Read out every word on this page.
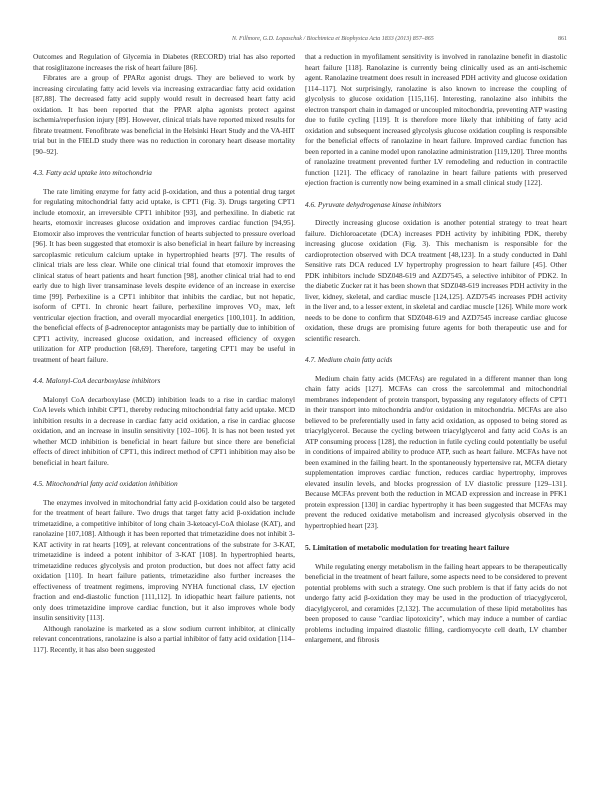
N. Fillmore, G.D. Lopaschuk / Biochimica et Biophysica Acta 1833 (2013) 857–865	861

Outcomes and Regulation of Glycemia in Diabetes (RECORD) trial has also reported that rosiglitazone increases the risk of heart failure [86].

Fibrates are a group of PPARα agonist drugs. They are believed to work by increasing circulating fatty acid levels via increasing extracardiac fatty acid oxidation [87,88]. The decreased fatty acid supply would result in decreased heart fatty acid oxidation. It has been reported that the PPAR alpha agonists protect against ischemia/reperfusion injury [89]. However, clinical trials have reported mixed results for fibrate treatment. Fenofibrate was beneficial in the Helsinki Heart Study and the VA-HIT trial but in the FIELD study there was no reduction in coronary heart disease mortality [90–92].

4.3. Fatty acid uptake into mitochondria

The rate limiting enzyme for fatty acid β-oxidation, and thus a potential drug target for regulating mitochondrial fatty acid uptake, is CPT1 (Fig. 3). Drugs targeting CPT1 include etomoxir, an irreversible CPT1 inhibitor [93], and perhexiline. In diabetic rat hearts, etomoxir increases glucose oxidation and improves cardiac function [94,95]. Etomoxir also improves the ventricular function of hearts subjected to pressure overload [96]. It has been suggested that etomoxir is also beneficial in heart failure by increasing sarcoplasmic reticulum calcium uptake in hypertrophied hearts [97]. The results of clinical trials are less clear. While one clinical trial found that etomoxir improves the clinical status of heart patients and heart function [98], another clinical trial had to end early due to high liver transaminase levels despite evidence of an increase in exercise time [99]. Perhexiline is a CPT1 inhibitor that inhibits the cardiac, but not hepatic, isoform of CPT1. In chronic heart failure, perhexiline improves VO₂ max, left ventricular ejection fraction, and overall myocardial energetics [100,101]. In addition, the beneficial effects of β-adrenoceptor antagonists may be partially due to inhibition of CPT1 activity, increased glucose oxidation, and increased efficiency of oxygen utilization for ATP production [68,69]. Therefore, targeting CPT1 may be useful in treatment of heart failure.

4.4. Malonyl-CoA decarboxylase inhibitors

Malonyl CoA decarboxylase (MCD) inhibition leads to a rise in cardiac malonyl CoA levels which inhibit CPT1, thereby reducing mitochondrial fatty acid uptake. MCD inhibition results in a decrease in cardiac fatty acid oxidation, a rise in cardiac glucose oxidation, and an increase in insulin sensitivity [102–106]. It is has not been tested yet whether MCD inhibition is beneficial in heart failure but since there are beneficial effects of direct inhibition of CPT1, this indirect method of CPT1 inhibition may also be beneficial in heart failure.

4.5. Mitochondrial fatty acid oxidation inhibition

The enzymes involved in mitochondrial fatty acid β-oxidation could also be targeted for the treatment of heart failure. Two drugs that target fatty acid β-oxidation include trimetazidine, a competitive inhibitor of long chain 3-ketoacyl-CoA thiolase (KAT), and ranolazine [107,108]. Although it has been reported that trimetazidine does not inhibit 3-KAT activity in rat hearts [109], at relevant concentrations of the substrate for 3-KAT, trimetazidine is indeed a potent inhibitor of 3-KAT [108]. In hypertrophied hearts, trimetazidine reduces glycolysis and proton production, but does not affect fatty acid oxidation [110]. In heart failure patients, trimetazidine also further increases the effectiveness of treatment regimens, improving NYHA functional class, LV ejection fraction and end-diastolic function [111,112]. In idiopathic heart failure patients, not only does trimetazidine improve cardiac function, but it also improves whole body insulin sensitivity [113].

Although ranolazine is marketed as a slow sodium current inhibitor, at clinically relevant concentrations, ranolazine is also a partial inhibitor of fatty acid oxidation [114–117]. Recently, it has also been suggested

that a reduction in myofilament sensitivity is involved in ranolazine benefit in diastolic heart failure [118]. Ranolazine is currently being clinically used as an anti-ischemic agent. Ranolazine treatment does result in increased PDH activity and glucose oxidation [114–117]. Not surprisingly, ranolazine is also known to increase the coupling of glycolysis to glucose oxidation [115,116]. Interesting, ranolazine also inhibits the electron transport chain in damaged or uncoupled mitochondria, preventing ATP wasting due to futile cycling [119]. It is therefore more likely that inhibiting of fatty acid oxidation and subsequent increased glycolysis glucose oxidation coupling is responsible for the beneficial effects of ranolazine in heart failure. Improved cardiac function has been reported in a canine model upon ranolazine administration [119,120]. Three months of ranolazine treatment prevented further LV remodeling and reduction in contractile function [121]. The efficacy of ranolazine in heart failure patients with preserved ejection fraction is currently now being examined in a small clinical study [122].

4.6. Pyruvate dehydrogenase kinase inhibitors

Directly increasing glucose oxidation is another potential strategy to treat heart failure. Dichloroacetate (DCA) increases PDH activity by inhibiting PDK, thereby increasing glucose oxidation (Fig. 3). This mechanism is responsible for the cardioprotection observed with DCA treatment [48,123]. In a study conducted in Dahl Sensitive rats DCA reduced LV hypertrophy progression to heart failure [45]. Other PDK inhibitors include SDZ048-619 and AZD7545, a selective inhibitor of PDK2. In the diabetic Zucker rat it has been shown that SDZ048-619 increases PDH activity in the liver, kidney, skeletal, and cardiac muscle [124,125]. AZD7545 increases PDH activity in the liver and, to a lesser extent, in skeletal and cardiac muscle [126]. While more work needs to be done to confirm that SDZ048-619 and AZD7545 increase cardiac glucose oxidation, these drugs are promising future agents for both therapeutic use and for scientific research.

4.7. Medium chain fatty acids

Medium chain fatty acids (MCFAs) are regulated in a different manner than long chain fatty acids [127]. MCFAs can cross the sarcolemmal and mitochondrial membranes independent of protein transport, bypassing any regulatory effects of CPT1 in their transport into mitochondria and/or oxidation in mitochondria. MCFAs are also believed to be preferentially used in fatty acid oxidation, as opposed to being stored as triacylglycerol. Because the cycling between triacylglycerol and fatty acid CoAs is an ATP consuming process [128], the reduction in futile cycling could potentially be useful in conditions of impaired ability to produce ATP, such as heart failure. MCFAs have not been examined in the failing heart. In the spontaneously hypertensive rat, MCFA dietary supplementation improves cardiac function, reduces cardiac hypertrophy, improves elevated insulin levels, and blocks progression of LV diastolic pressure [129–131]. Because MCFAs prevent both the reduction in MCAD expression and increase in PFK1 protein expression [130] in cardiac hypertrophy it has been suggested that MCFAs may prevent the reduced oxidative metabolism and increased glycolysis observed in the hypertrophied heart [23].

5. Limitation of metabolic modulation for treating heart failure

While regulating energy metabolism in the failing heart appears to be therapeutically beneficial in the treatment of heart failure, some aspects need to be considered to prevent potential problems with such a strategy. One such problem is that if fatty acids do not undergo fatty acid β-oxidation they may be used in the production of triacyglycerol, diacylglycerol, and ceramides [2,132]. The accumulation of these lipid metabolites has been proposed to cause "cardiac lipotoxicity", which may induce a number of cardiac problems including impaired diastolic filling, cardiomyocyte cell death, LV chamber enlargement, and fibrosis
